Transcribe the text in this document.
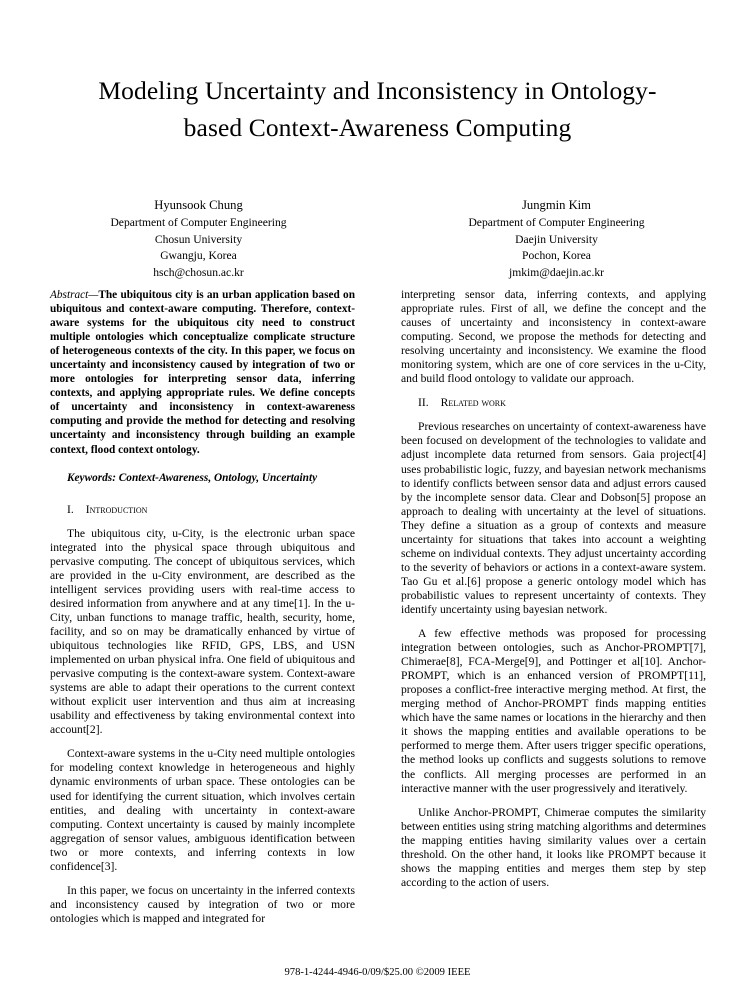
Modeling Uncertainty and Inconsistency in Ontology-based Context-Awareness Computing
Hyunsook Chung
Department of Computer Engineering
Chosun University
Gwangju, Korea
hsch@chosun.ac.kr
Jungmin Kim
Department of Computer Engineering
Daejin University
Pochon, Korea
jmkim@daejin.ac.kr

Abstract—The ubiquitous city is an urban application based on ubiquitous and context-aware computing. Therefore, context-aware systems for the ubiquitous city need to construct multiple ontologies which conceptualize complicate structure of heterogeneous contexts of the city. In this paper, we focus on uncertainty and inconsistency caused by integration of two or more ontologies for interpreting sensor data, inferring contexts, and applying appropriate rules. We define concepts of uncertainty and inconsistency in context-awareness computing and provide the method for detecting and resolving uncertainty and inconsistency through building an example context, flood context ontology.

Keywords: Context-Awareness, Ontology, Uncertainty

I. Introduction

The ubiquitous city, u-City, is the electronic urban space integrated into the physical space through ubiquitous and pervasive computing. The concept of ubiquitous services, which are provided in the u-City environment, are described as the intelligent services providing users with real-time access to desired information from anywhere and at any time[1]. In the u-City, unban functions to manage traffic, health, security, home, facility, and so on may be dramatically enhanced by virtue of ubiquitous technologies like RFID, GPS, LBS, and USN implemented on urban physical infra. One field of ubiquitous and pervasive computing is the context-aware system. Context-aware systems are able to adapt their operations to the current context without explicit user intervention and thus aim at increasing usability and effectiveness by taking environmental context into account[2].

Context-aware systems in the u-City need multiple ontologies for modeling context knowledge in heterogeneous and highly dynamic environments of urban space. These ontologies can be used for identifying the current situation, which involves certain entities, and dealing with uncertainty in context-aware computing. Context uncertainty is caused by mainly incomplete aggregation of sensor values, ambiguous identification between two or more contexts, and inferring contexts in low confidence[3].

In this paper, we focus on uncertainty in the inferred contexts and inconsistency caused by integration of two or more ontologies which is mapped and integrated for

interpreting sensor data, inferring contexts, and applying appropriate rules. First of all, we define the concept and the causes of uncertainty and inconsistency in context-aware computing. Second, we propose the methods for detecting and resolving uncertainty and inconsistency. We examine the flood monitoring system, which are one of core services in the u-City, and build flood ontology to validate our approach.

II. Related work

Previous researches on uncertainty of context-awareness have been focused on development of the technologies to validate and adjust incomplete data returned from sensors. Gaia project[4] uses probabilistic logic, fuzzy, and bayesian network mechanisms to identify conflicts between sensor data and adjust errors caused by the incomplete sensor data. Clear and Dobson[5] propose an approach to dealing with uncertainty at the level of situations. They define a situation as a group of contexts and measure uncertainty for situations that takes into account a weighting scheme on individual contexts. They adjust uncertainty according to the severity of behaviors or actions in a context-aware system. Tao Gu et al.[6] propose a generic ontology model which has probabilistic values to represent uncertainty of contexts. They identify uncertainty using bayesian network.

A few effective methods was proposed for processing integration between ontologies, such as Anchor-PROMPT[7], Chimerae[8], FCA-Merge[9], and Pottinger et al[10]. Anchor-PROMPT, which is an enhanced version of PROMPT[11], proposes a conflict-free interactive merging method. At first, the merging method of Anchor-PROMPT finds mapping entities which have the same names or locations in the hierarchy and then it shows the mapping entities and available operations to be performed to merge them. After users trigger specific operations, the method looks up conflicts and suggests solutions to remove the conflicts. All merging processes are performed in an interactive manner with the user progressively and iteratively.

Unlike Anchor-PROMPT, Chimerae computes the similarity between entities using string matching algorithms and determines the mapping entities having similarity values over a certain threshold. On the other hand, it looks like PROMPT because it shows the mapping entities and merges them step by step according to the action of users.

978-1-4244-4946-0/09/$25.00 ©2009 IEEE
